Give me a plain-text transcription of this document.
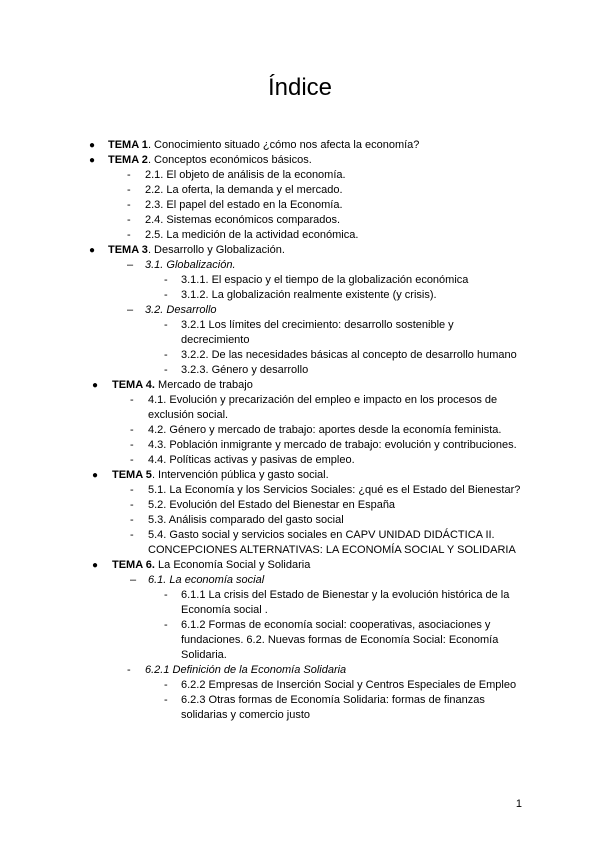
Índice
● TEMA 1. Conocimiento situado ¿cómo nos afecta la economía?
● TEMA 2. Conceptos económicos básicos.
- 2.1. El objeto de análisis de la economía.
- 2.2. La oferta, la demanda y el mercado.
- 2.3. El papel del estado en la Economía.
- 2.4. Sistemas económicos comparados.
- 2.5. La medición de la actividad económica.
● TEMA 3. Desarrollo y Globalización.
– 3.1. Globalización.
- 3.1.1. El espacio y el tiempo de la globalización económica
- 3.1.2. La globalización realmente existente (y crisis).
– 3.2. Desarrollo
- 3.2.1 Los límites del crecimiento: desarrollo sostenible y
decrecimiento
- 3.2.2. De las necesidades básicas al concepto de desarrollo humano
- 3.2.3. Género y desarrollo
● TEMA 4. Mercado de trabajo
- 4.1. Evolución y precarización del empleo e impacto en los procesos de
exclusión social.
- 4.2. Género y mercado de trabajo: aportes desde la economía feminista.
- 4.3. Población inmigrante y mercado de trabajo: evolución y contribuciones.
- 4.4. Políticas activas y pasivas de empleo.
● TEMA 5. Intervención pública y gasto social.
- 5.1. La Economía y los Servicios Sociales: ¿qué es el Estado del Bienestar?
- 5.2. Evolución del Estado del Bienestar en España
- 5.3. Análisis comparado del gasto social
- 5.4. Gasto social y servicios sociales en CAPV UNIDAD DIDÁCTICA II.
CONCEPCIONES ALTERNATIVAS: LA ECONOMÍA SOCIAL Y SOLIDARIA
● TEMA 6. La Economía Social y Solidaria
– 6.1. La economía social
- 6.1.1 La crisis del Estado de Bienestar y la evolución histórica de la
Economía social .
- 6.1.2 Formas de economía social: cooperativas, asociaciones y
fundaciones. 6.2. Nuevas formas de Economía Social: Economía
Solidaria.
- 6.2.1 Definición de la Economía Solidaria
- 6.2.2 Empresas de Inserción Social y Centros Especiales de Empleo
- 6.2.3 Otras formas de Economía Solidaria: formas de finanzas
solidarias y comercio justo
1
